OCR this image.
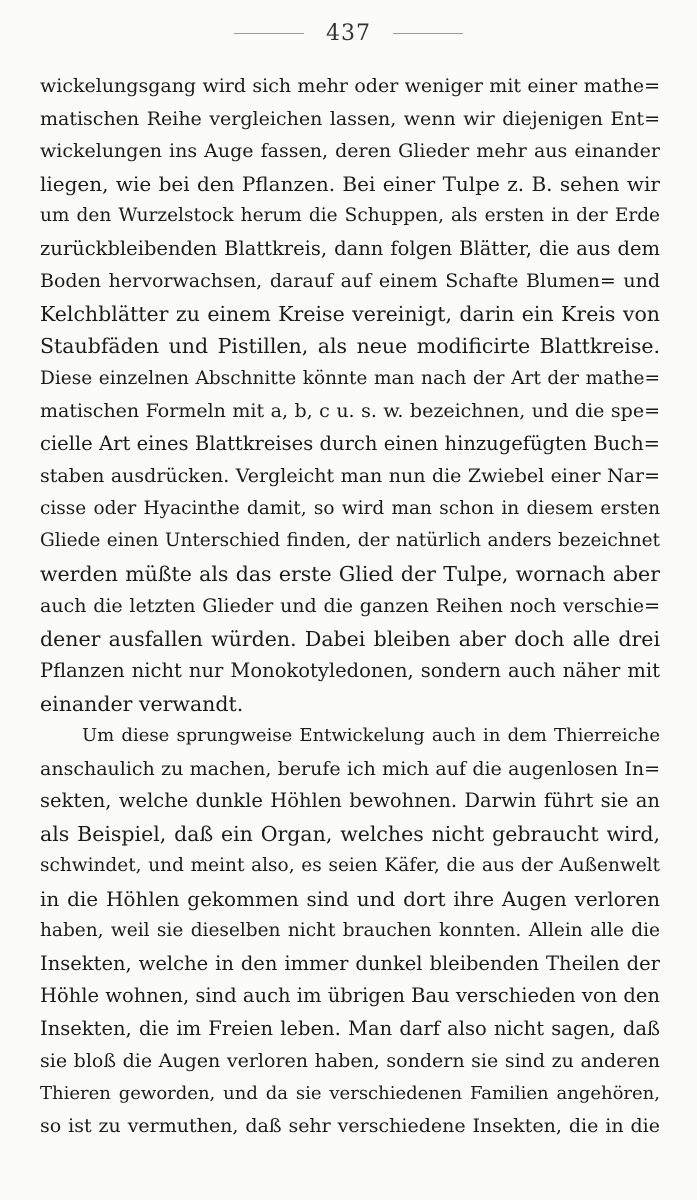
437
wickelungsgang wird sich mehr oder weniger mit einer mathe=
matischen Reihe vergleichen lassen, wenn wir diejenigen Ent=
wickelungen ins Auge fassen, deren Glieder mehr aus einander
liegen, wie bei den Pflanzen. Bei einer Tulpe z. B. sehen wir
um den Wurzelstock herum die Schuppen, als ersten in der Erde
zurückbleibenden Blattkreis, dann folgen Blätter, die aus dem
Boden hervorwachsen, darauf auf einem Schafte Blumen= und
Kelchblätter zu einem Kreise vereinigt, darin ein Kreis von
Staubfäden und Pistillen, als neue modificirte Blattkreise.
Diese einzelnen Abschnitte könnte man nach der Art der mathe=
matischen Formeln mit a, b, c u. s. w. bezeichnen, und die spe=
cielle Art eines Blattkreises durch einen hinzugefügten Buch=
staben ausdrücken. Vergleicht man nun die Zwiebel einer Nar=
cisse oder Hyacinthe damit, so wird man schon in diesem ersten
Gliede einen Unterschied finden, der natürlich anders bezeichnet
werden müßte als das erste Glied der Tulpe, wornach aber
auch die letzten Glieder und die ganzen Reihen noch verschie=
dener ausfallen würden. Dabei bleiben aber doch alle drei
Pflanzen nicht nur Monokotyledonen, sondern auch näher mit
einander verwandt.
Um diese sprungweise Entwickelung auch in dem Thierreiche
anschaulich zu machen, berufe ich mich auf die augenlosen In=
sekten, welche dunkle Höhlen bewohnen. Darwin führt sie an
als Beispiel, daß ein Organ, welches nicht gebraucht wird,
schwindet, und meint also, es seien Käfer, die aus der Außenwelt
in die Höhlen gekommen sind und dort ihre Augen verloren
haben, weil sie dieselben nicht brauchen konnten. Allein alle die
Insekten, welche in den immer dunkel bleibenden Theilen der
Höhle wohnen, sind auch im übrigen Bau verschieden von den
Insekten, die im Freien leben. Man darf also nicht sagen, daß
sie bloß die Augen verloren haben, sondern sie sind zu anderen
Thieren geworden, und da sie verschiedenen Familien angehören,
so ist zu vermuthen, daß sehr verschiedene Insekten, die in die
